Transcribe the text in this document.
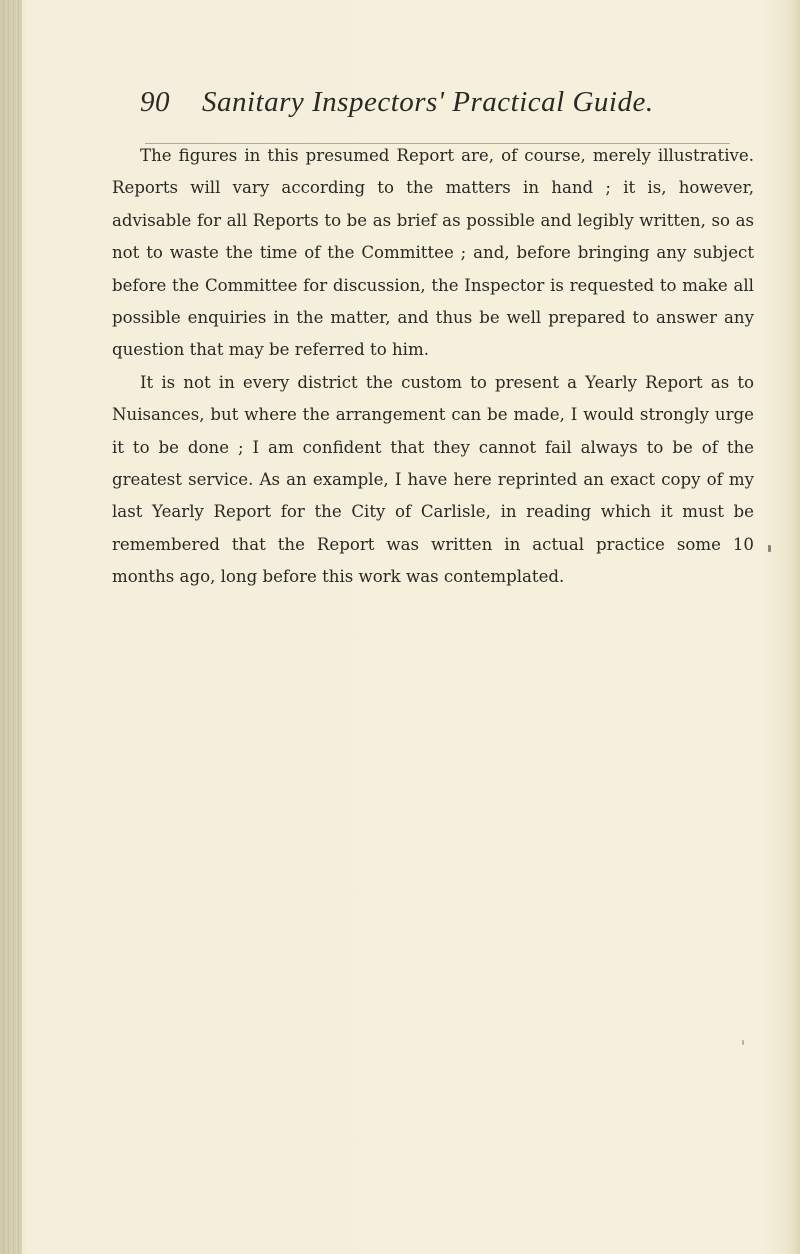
90 Sanitary Inspectors' Practical Guide.

The figures in this presumed Report are, of course, merely illustrative. Reports will vary according to the matters in hand ; it is, however, advisable for all Reports to be as brief as possible and legibly written, so as not to waste the time of the Committee ; and, before bringing any subject before the Committee for discussion, the Inspector is requested to make all possible enquiries in the matter, and thus be well prepared to answer any question that may be referred to him.

It is not in every district the custom to present a Yearly Report as to Nuisances, but where the arrangement can be made, I would strongly urge it to be done ; I am confident that they cannot fail always to be of the greatest service. As an example, I have here reprinted an exact copy of my last Yearly Report for the City of Carlisle, in reading which it must be remembered that the Report was written in actual practice some 10 months ago, long before this work was contemplated.
